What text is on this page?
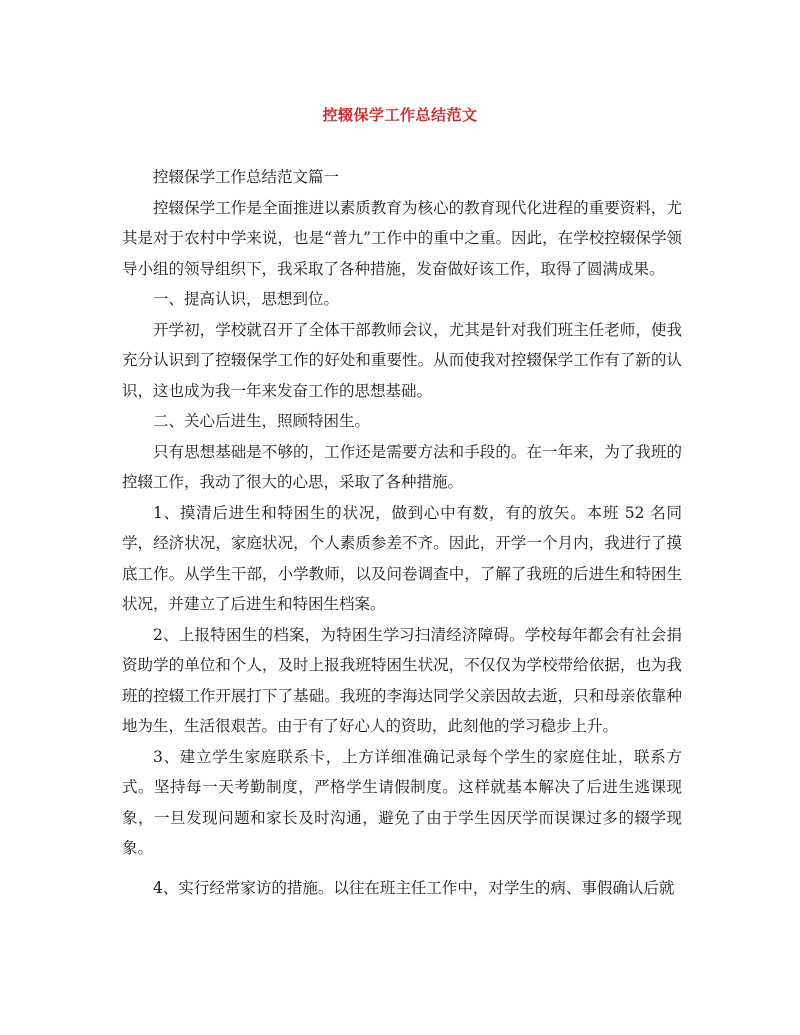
控辍保学工作总结范文

控辍保学工作总结范文篇一

控辍保学工作是全面推进以素质教育为核心的教育现代化进程的重要资料，尤其是对于农村中学来说，也是“普九”工作中的重中之重。因此，在学校控辍保学领导小组的领导组织下，我采取了各种措施，发奋做好该工作，取得了圆满成果。

一、提高认识，思想到位。

开学初，学校就召开了全体干部教师会议，尤其是针对我们班主任老师，使我充分认识到了控辍保学工作的好处和重要性。从而使我对控辍保学工作有了新的认识，这也成为我一年来发奋工作的思想基础。

二、关心后进生，照顾特困生。

只有思想基础是不够的，工作还是需要方法和手段的。在一年来，为了我班的控辍工作，我动了很大的心思，采取了各种措施。

1、摸清后进生和特困生的状况，做到心中有数，有的放矢。本班 52 名同学，经济状况，家庭状况，个人素质参差不齐。因此，开学一个月内，我进行了摸底工作。从学生干部，小学教师，以及问卷调查中，了解了我班的后进生和特困生状况，并建立了后进生和特困生档案。

2、上报特困生的档案，为特困生学习扫清经济障碍。学校每年都会有社会捐资助学的单位和个人，及时上报我班特困生状况，不仅仅为学校带给依据，也为我班的控辍工作开展打下了基础。我班的李海达同学父亲因故去逝，只和母亲依靠种地为生，生活很艰苦。由于有了好心人的资助，此刻他的学习稳步上升。

3、建立学生家庭联系卡，上方详细准确记录每个学生的家庭住址，联系方式。坚持每一天考勤制度，严格学生请假制度。这样就基本解决了后进生逃课现象，一旦发现问题和家长及时沟通，避免了由于学生因厌学而误课过多的辍学现象。

4、实行经常家访的措施。以往在班主任工作中，对学生的病、事假确认后就
